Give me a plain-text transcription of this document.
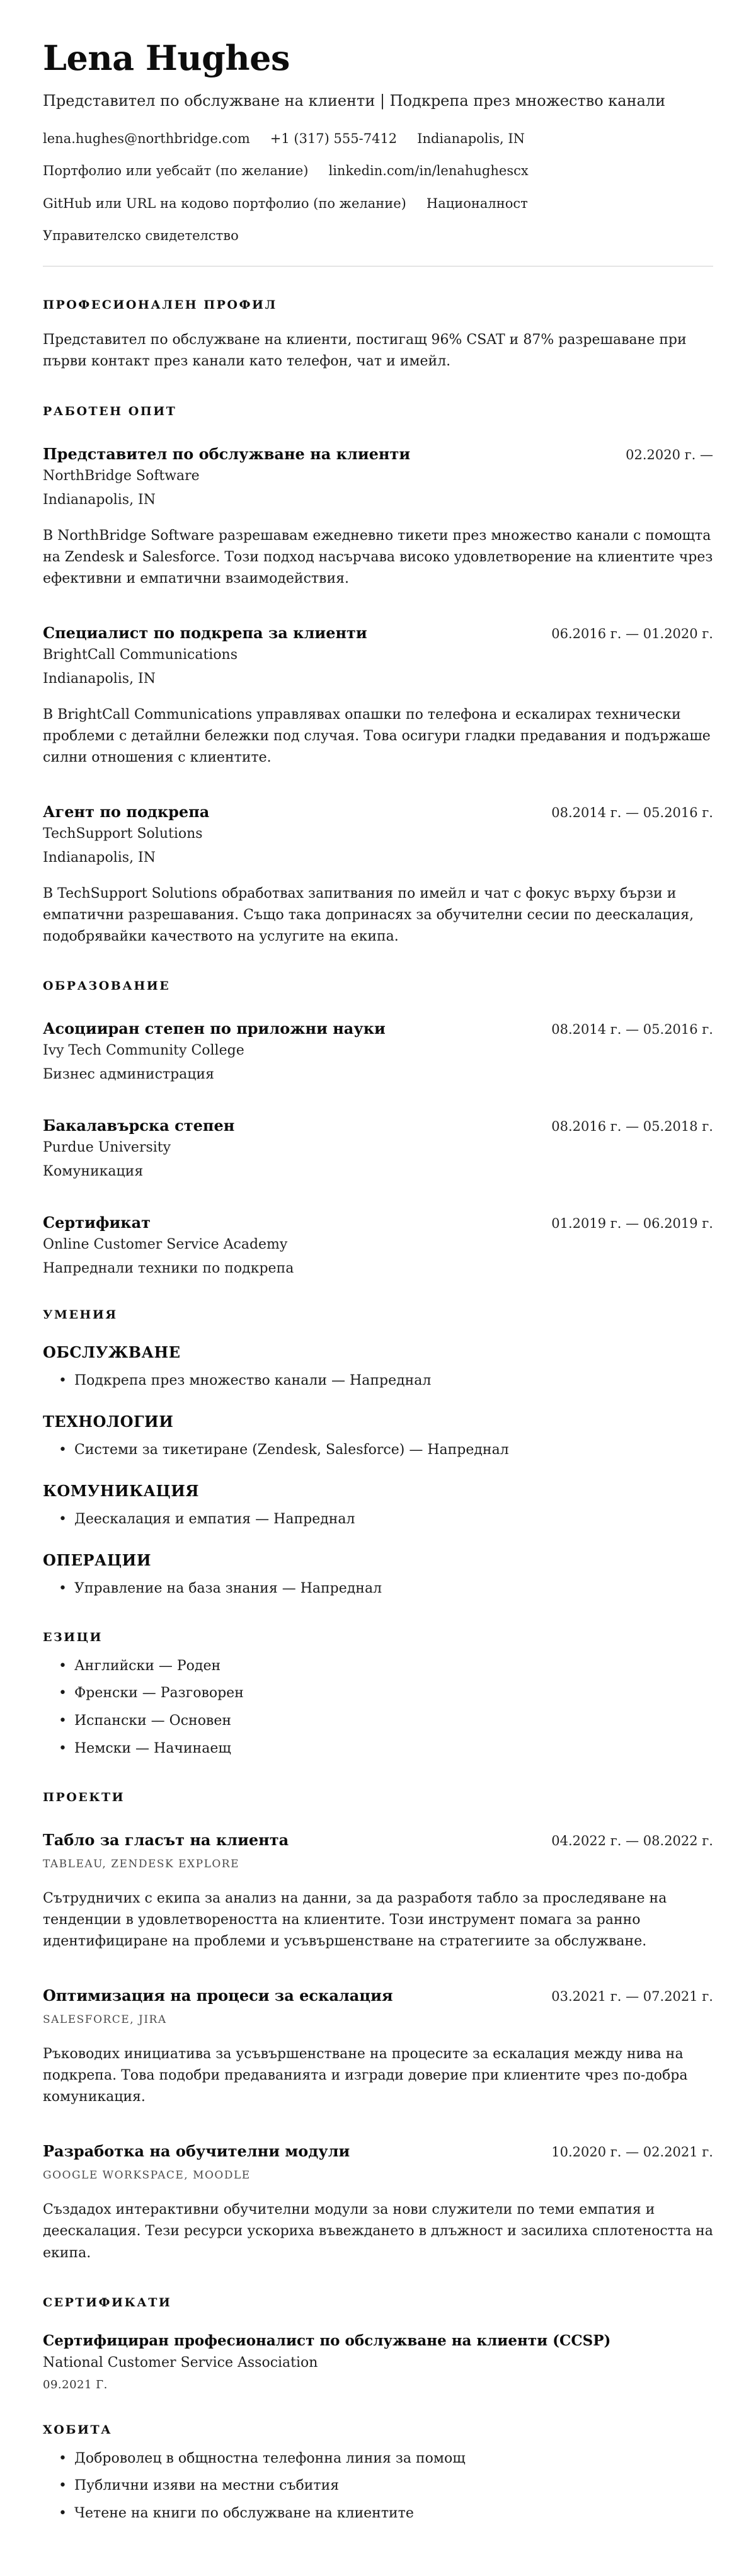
Lena Hughes
Представител по обслужване на клиенти | Подкрепа през множество канали
lena.hughes@northbridge.com +1 (317) 555-7412 Indianapolis, IN
Портфолио или уебсайт (по желание) linkedin.com/in/lenahughescx
GitHub или URL на кодово портфолио (по желание) Националност
Управителско свидетелство
ПРОФЕСИОНАЛЕН ПРОФИЛ

Представител по обслужване на клиенти, постигащ 96% CSAT и 87% разрешаване при първи контакт през канали като телефон, чат и имейл.

РАБОТЕН ОПИТ
Представител по обслужване на клиенти	02.2020 г. —
NorthBridge Software
Indianapolis, IN

В NorthBridge Software разрешавам ежедневно тикети през множество канали с помощта на Zendesk и Salesforce. Този подход насърчава високо удовлетворение на клиентите чрез ефективни и емпатични взаимодействия.

Специалист по подкрепа за клиенти	06.2016 г. — 01.2020 г.
BrightCall Communications
Indianapolis, IN

В BrightCall Communications управлявах опашки по телефона и ескалирах технически проблеми с детайлни бележки под случая. Това осигури гладки предавания и подържаше силни отношения с клиентите.

Агент по подкрепа	08.2014 г. — 05.2016 г.
TechSupport Solutions
Indianapolis, IN

В TechSupport Solutions обработвах запитвания по имейл и чат с фокус върху бързи и емпатични разрешавания. Също така допринасях за обучителни сесии по деескалация, подобрявайки качеството на услугите на екипа.

ОБРАЗОВАНИЕ
Асоцииран степен по приложни науки	08.2014 г. — 05.2016 г.
Ivy Tech Community College
Бизнес администрация
Бакалавърска степен	08.2016 г. — 05.2018 г.
Purdue University
Комуникация
Сертификат	01.2019 г. — 06.2019 г.
Online Customer Service Academy
Напреднали техники по подкрепа
УМЕНИЯ
ОБСЛУЖВАНЕ
• Подкрепа през множество канали — Напреднал
ТЕХНОЛОГИИ
• Системи за тикетиране (Zendesk, Salesforce) — Напреднал
КОМУНИКАЦИЯ
• Деескалация и емпатия — Напреднал
ОПЕРАЦИИ
• Управление на база знания — Напреднал
ЕЗИЦИ
• Английски — Роден
• Френски — Разговорен
• Испански — Основен
• Немски — Начинаещ
ПРОЕКТИ
Табло за гласът на клиента	04.2022 г. — 08.2022 г.
TABLEAU, ZENDESK EXPLORE

Сътрудничих с екипа за анализ на данни, за да разработя табло за проследяване на тенденции в удовлетвореността на клиентите. Този инструмент помага за ранно идентифициране на проблеми и усъвършенстване на стратегиите за обслужване.

Оптимизация на процеси за ескалация	03.2021 г. — 07.2021 г.
SALESFORCE, JIRA

Ръководих инициатива за усъвършенстване на процесите за ескалация между нива на подкрепа. Това подобри предаванията и изгради доверие при клиентите чрез по-добра комуникация.

Разработка на обучителни модули	10.2020 г. — 02.2021 г.
GOOGLE WORKSPACE, MOODLE

Създадох интерактивни обучителни модули за нови служители по теми емпатия и деескалация. Тези ресурси ускориха въвеждането в длъжност и засилиха сплотеността на екипа.

СЕРТИФИКАТИ
Сертифициран професионалист по обслужване на клиенти (CCSP)
National Customer Service Association
09.2021 Г.
ХОБИТА
• Доброволец в общностна телефонна линия за помощ
• Публични изяви на местни събития
• Четене на книги по обслужване на клиентите
